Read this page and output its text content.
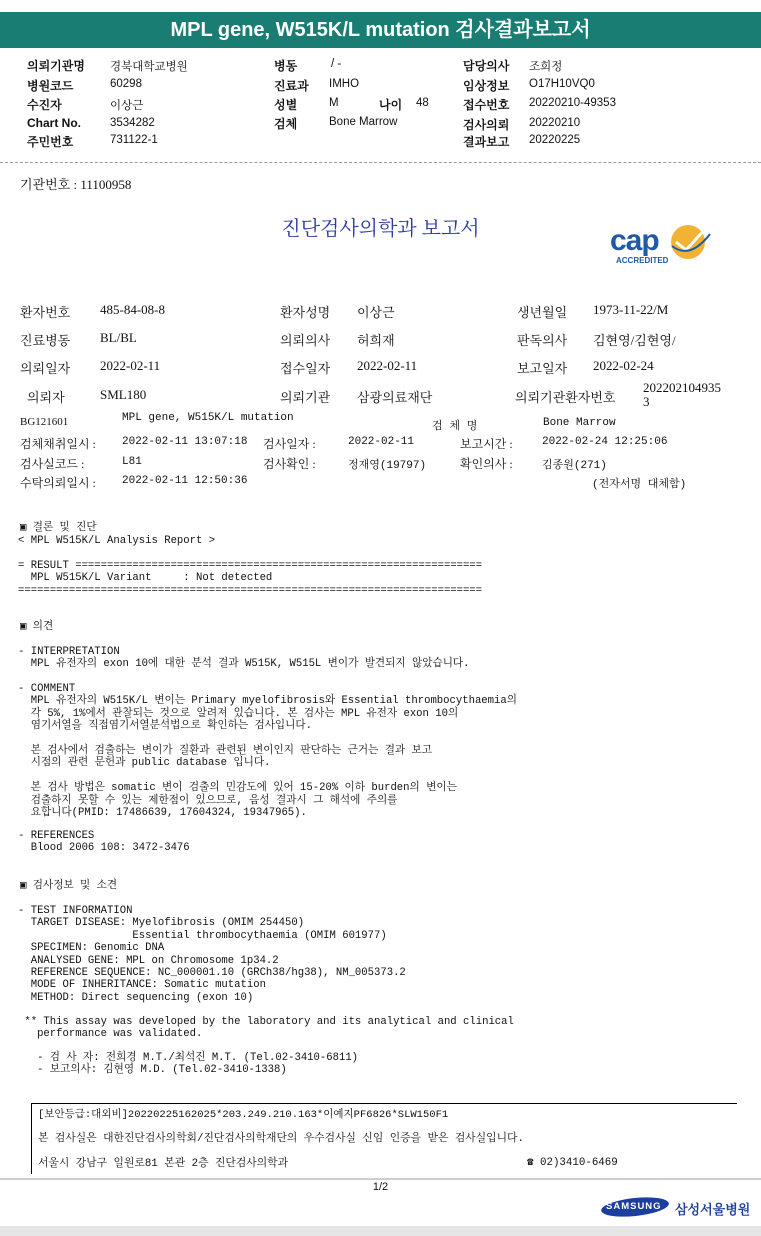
MPL gene, W515K/L mutation 검사결과보고서
의뢰기관명 경북대학교병원
병원코드	60298
수진자	이상근
Chart No.	3534282
주민번호	731122-1
병동	/ -
진료과 IMHO
성별	M	나이 48
검체	Bone Marrow
담당의사 조희정
임상정보 O17H10VQ0
접수번호 20220210-49353
검사의뢰 20220210
결과보고 20220225
기관번호 : 11100958
진단검사의학과 보고서	cap
ACCREDITED
환자번호 485-84-08-8	환자성명 이상근	생년월일 1973-11-22/M
진료병동 BL/BL	의뢰의사 허희재	판독의사 김현영/김현영/
의뢰일자 2022-02-11	접수일자 2022-02-11	보고일자 2022-02-24
의뢰자	SML180	의뢰기관 삼광의료재단	의뢰기관환자번호
202202104935
3
BG121601	MPL gene, W515K/L mutation
검 체 명	Bone Marrow
검체채취일시 : 2022-02-11 13:07:18 검사일자 :	2022-02-11	보고시간 :	2022-02-24 12:25:06
검사실코드 :	L81	검사확인 :	정재영(19797)	확인의사 :	김종원(271)
수탁의뢰일시 : 2022-02-11 12:50:36	(전자서명 대체함)
▣ 결론 및 진단
< MPL W515K/L Analysis Report >
= RESULT ================================================================
MPL W515K/L Variant     : Not detected
=========================================================================
▣ 의견
- INTERPRETATION
MPL 유전자의 exon 10에 대한 분석 결과 W515K, W515L 변이가 발견되지 않았습니다.
- COMMENT
MPL 유전자의 W515K/L 변이는 Primary myelofibrosis와 Essential thrombocythaemia의
각 5%, 1%에서 관찰되는 것으로 알려져 있습니다. 본 검사는 MPL 유전자 exon 10의
염기서열을 직접염기서열분석법으로 확인하는 검사입니다.

본 검사에서 검출하는 변이가 질환과 관련된 변이인지 판단하는 근거는 결과 보고
시점의 관련 문헌과 public database 입니다.

본 검사 방법은 somatic 변이 검출의 민감도에 있어 15-20% 이하 burden의 변이는
검출하지 못할 수 있는 제한점이 있으므로, 음성 결과시 그 해석에 주의를
요합니다(PMID: 17486639, 17604324, 19347965).
- REFERENCES
Blood 2006 108: 3472-3476
▣ 검사정보 및 소견
- TEST INFORMATION
TARGET DISEASE: Myelofibrosis (OMIM 254450)
Essential thrombocythaemia (OMIM 601977)
SPECIMEN: Genomic DNA
ANALYSED GENE: MPL on Chromosome 1p34.2
REFERENCE SEQUENCE: NC_000001.10 (GRCh38/hg38), NM_005373.2
MODE OF INHERITANCE: Somatic mutation
METHOD: Direct sequencing (exon 10)
** This assay was developed by the laboratory and its analytical and clinical
performance was validated.
- 검 사 자: 전희경 M.T./최석진 M.T. (Tel.02-3410-6811)
- 보고의사: 김현영 M.D. (Tel.02-3410-1338)
[보안등급:대외비]20220225162025*203.249.210.163*이예지PF6826*SLW150F1
본 검사실은 대한진단검사의학회/진단검사의학재단의 우수검사실 신임 인증을 받은 검사실입니다.
서울시 강남구 일원로81 본관 2층 진단검사의학과	☎ 02)3410-6469
1/2
SAMSUNG 삼성서울병원
